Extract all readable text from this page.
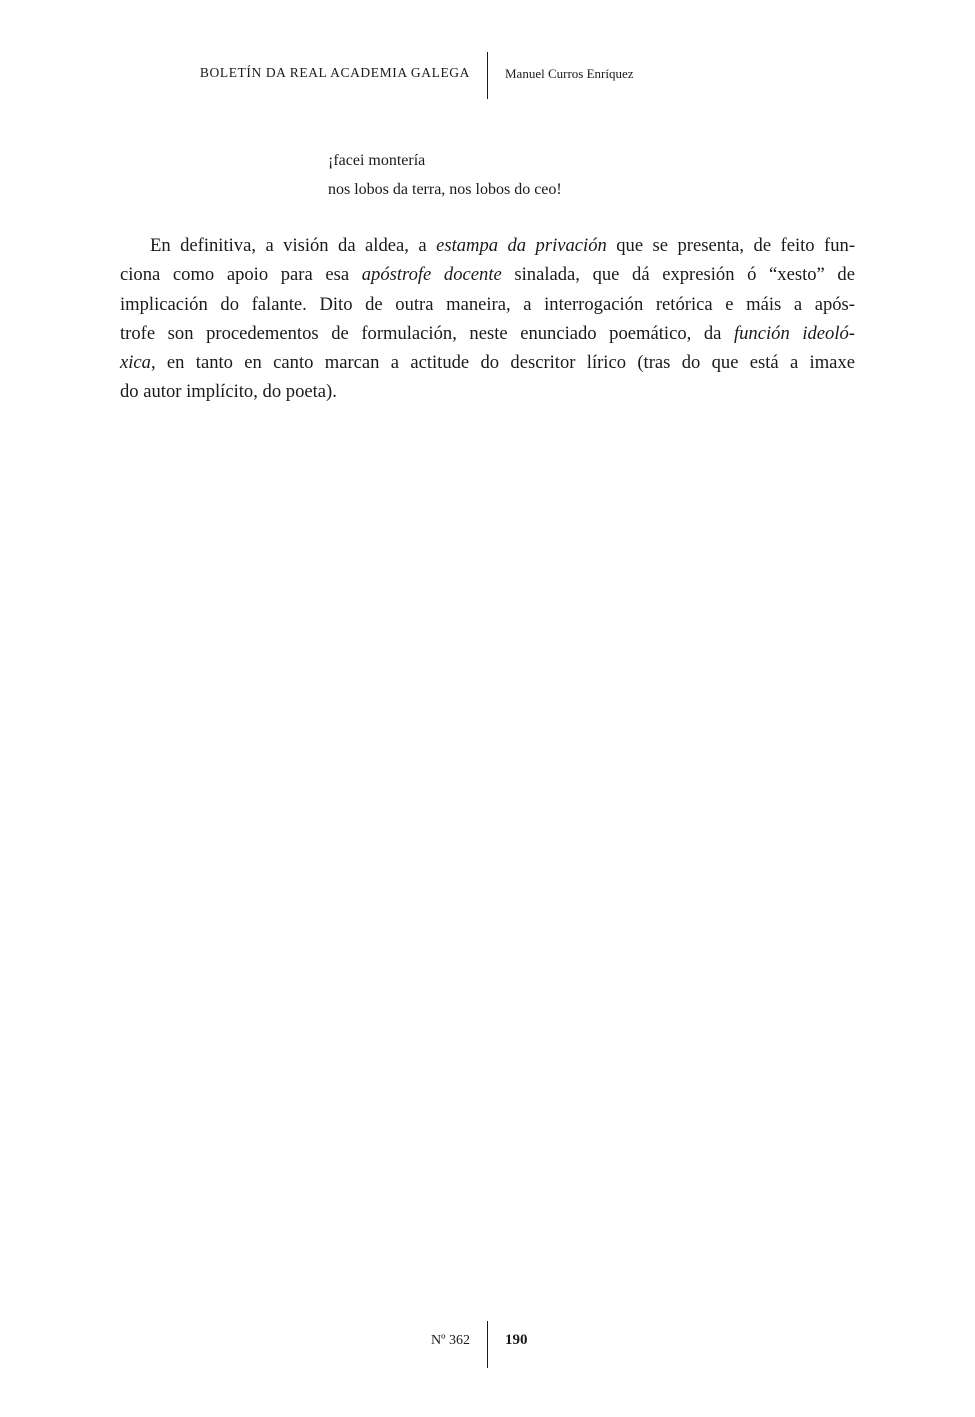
BOLETÍN DA REAL ACADEMIA GALEGA	Manuel Curros Enríquez
¡facei montería
nos lobos da terra, nos lobos do ceo!
En definitiva, a visión da aldea, a estampa da privación que se presenta, de feito fun-
ciona como apoio para esa apóstrofe docente sinalada, que dá expresión ó “xesto” de
implicación do falante. Dito de outra maneira, a interrogación retórica e máis a após-
trofe son procedementos de formulación, neste enunciado poemático, da función ideoló-
xica, en tanto en canto marcan a actitude do descritor lírico (tras do que está a imaxe
do autor implícito, do poeta).
Nº 362 190
